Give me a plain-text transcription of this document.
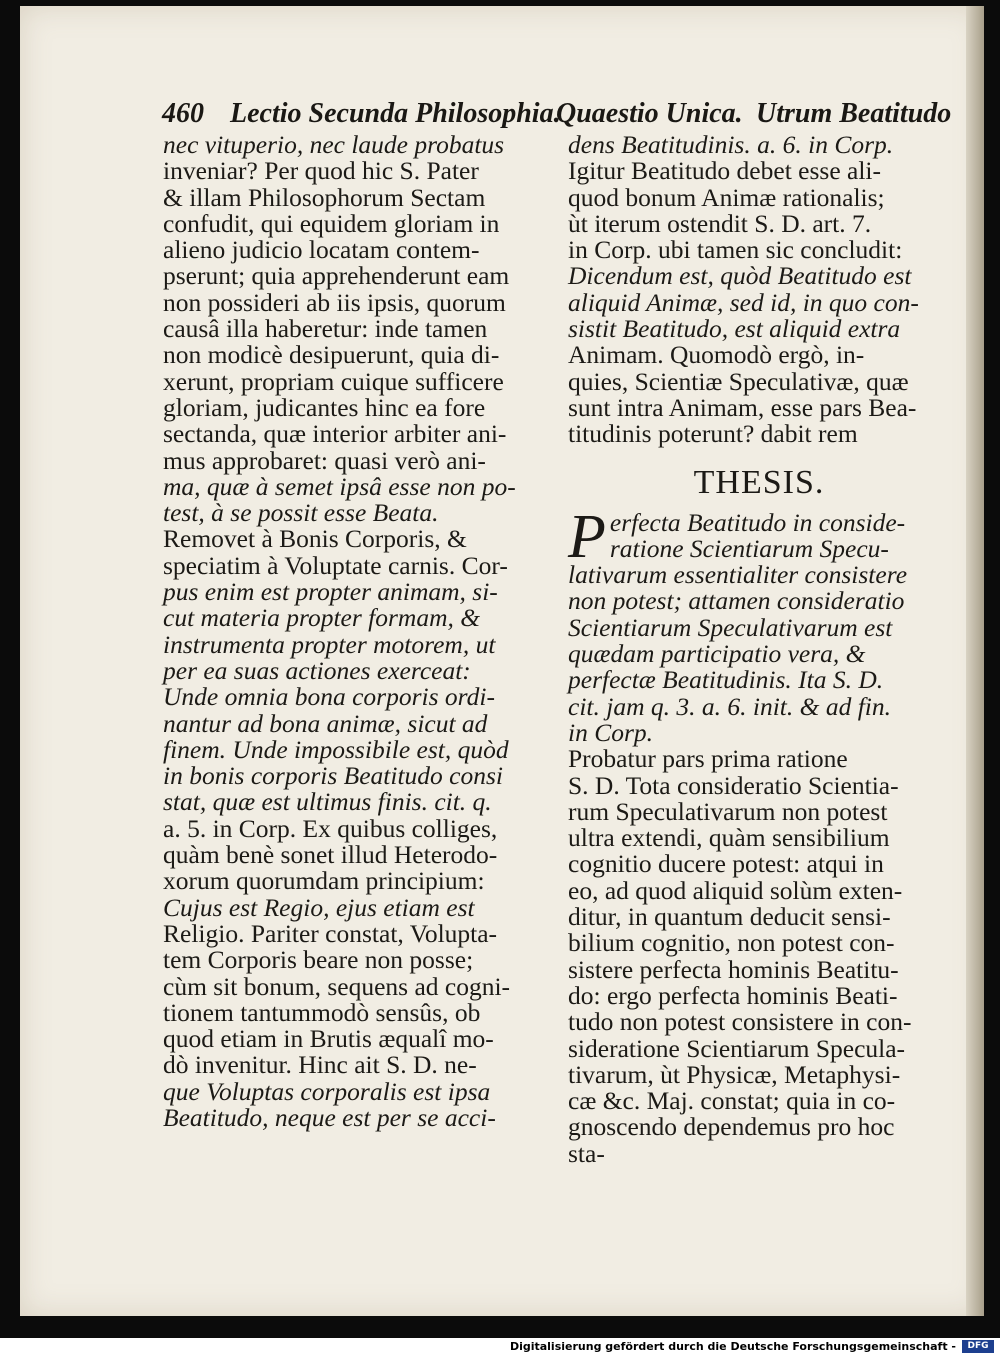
460 Lectio Secunda Philosophia.
Quaestio Unica. Utrum Beatitudo
nec vituperio, nec laude probatus
inveniar? Per quod hic S. Pater
& illam Philosophorum Sectam
confudit, qui equidem gloriam in
alieno judicio locatam contem-
pserunt; quia apprehenderunt eam
non possideri ab iis ipsis, quorum
causâ illa haberetur: inde tamen
non modicè desipuerunt, quia di-
xerunt, propriam cuique sufficere
gloriam, judicantes hinc ea fore
sectanda, quæ interior arbiter ani-
mus approbaret: quasi verò ani-
ma, quæ à semet ipsâ esse non po-
test, à se possit esse Beata.
Removet à Bonis Corporis, &
speciatim à Voluptate carnis. Cor-
pus enim est propter animam, si-
cut materia propter formam, &
instrumenta propter motorem, ut
per ea suas actiones exerceat:
Unde omnia bona corporis ordi-
nantur ad bona animæ, sicut ad
finem. Unde impossibile est, quòd
in bonis corporis Beatitudo consi
stat, quæ est ultimus finis. cit. q.
a. 5. in Corp. Ex quibus colliges,
quàm benè sonet illud Heterodo-
xorum quorumdam principium:
Cujus est Regio, ejus etiam est
Religio. Pariter constat, Volupta-
tem Corporis beare non posse;
cùm sit bonum, sequens ad cogni-
tionem tantummodò sensûs, ob
quod etiam in Brutis æqualî mo-
dò invenitur. Hinc ait S. D. ne-
que Voluptas corporalis est ipsa
Beatitudo, neque est per se acci-
dens Beatitudinis. a. 6. in Corp.
Igitur Beatitudo debet esse ali-
quod bonum Animæ rationalis;
ùt iterum ostendit S. D. art. 7.
in Corp. ubi tamen sic concludit:
Dicendum est, quòd Beatitudo est
aliquid Animæ, sed id, in quo con-
sistit Beatitudo, est aliquid extra
Animam. Quomodò ergò, in-
quies, Scientiæ Speculativæ, quæ
sunt intra Animam, esse pars Bea-
titudinis poterunt? dabit rem
THESIS.
P erfecta Beatitudo in conside-
ratione Scientiarum Specu-
lativarum essentialiter consistere
non potest; attamen consideratio
Scientiarum Speculativarum est
quædam participatio vera, &
perfectæ Beatitudinis. Ita S. D.
cit. jam q. 3. a. 6. init. & ad fin.
in Corp.
Probatur pars prima ratione
S. D. Tota consideratio Scientia-
rum Speculativarum non potest
ultra extendi, quàm sensibilium
cognitio ducere potest: atqui in
eo, ad quod aliquid solùm exten-
ditur, in quantum deducit sensi-
bilium cognitio, non potest con-
sistere perfecta hominis Beatitu-
do: ergo perfecta hominis Beati-
tudo non potest consistere in con-
sideratione Scientiarum Specula-
tivarum, ùt Physicæ, Metaphysi-
cæ &c. Maj. constat; quia in co-
gnoscendo dependemus pro hoc
sta-
Digitalisierung gefördert durch die Deutsche Forschungsgemeinschaft -	DFG
